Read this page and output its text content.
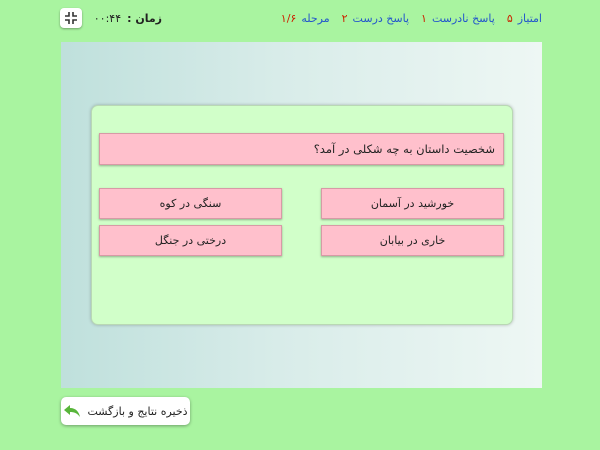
زمان :
۰۰:۴۴	امتیاز
۵
پاسخ نادرست
۱
پاسخ درست
۲
مرحله
۱/۶
شخصیت داستان به چه شکلی در آمد؟
خورشید در آسمان
سنگی در کوه
خاری در بیابان
درختی در جنگل
ذخیره نتایج و بازگشت
